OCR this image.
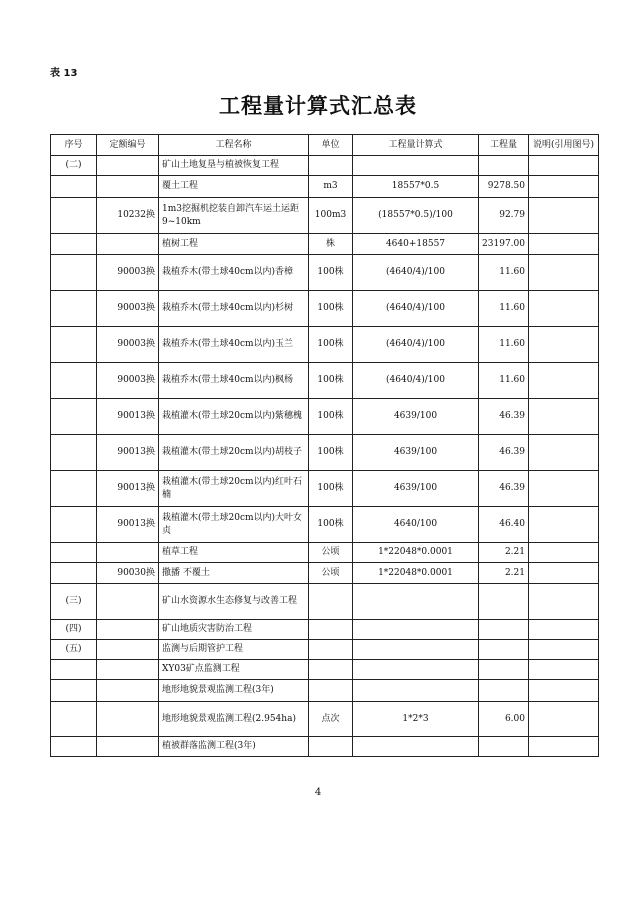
表 13
工程量计算式汇总表
序号	定额编号	工程名称	单位	工程量计算式	工程量	说明(引用图号)
(二)		矿山土地复垦与植被恢复工程				
		覆土工程	m3	18557*0.5	9278.50	
	10232换	1m3挖掘机挖装自卸汽车运土运距9~10km	100m3	(18557*0.5)/100	92.79	
		植树工程	株	4640+18557	23197.00	
	90003换	栽植乔木(带土球40cm以内)香樟	100株	(4640/4)/100	11.60	
	90003换	栽植乔木(带土球40cm以内)杉树	100株	(4640/4)/100	11.60	
	90003换	栽植乔木(带土球40cm以内)玉兰	100株	(4640/4)/100	11.60	
	90003换	栽植乔木(带土球40cm以内)枫杨	100株	(4640/4)/100	11.60	
	90013换	栽植灌木(带土球20cm以内)紫穗槐	100株	4639/100	46.39	
	90013换	栽植灌木(带土球20cm以内)胡枝子	100株	4639/100	46.39	
	90013换	栽植灌木(带土球20cm以内)红叶石楠	100株	4639/100	46.39	
	90013换	栽植灌木(带土球20cm以内)大叶女贞	100株	4640/100	46.40	
		植草工程	公顷	1*22048*0.0001	2.21	
	90030换	撒播 不覆土	公顷	1*22048*0.0001	2.21	
(三)		矿山水资源水生态修复与改善工程				
(四)		矿山地质灾害防治工程				
(五)		监测与后期管护工程				
		XY03矿点监测工程				
		地形地貌景观监测工程(3年)				
		地形地貌景观监测工程(2.954ha)	点次	1*2*3	6.00	
		植被群落监测工程(3年)				
4
